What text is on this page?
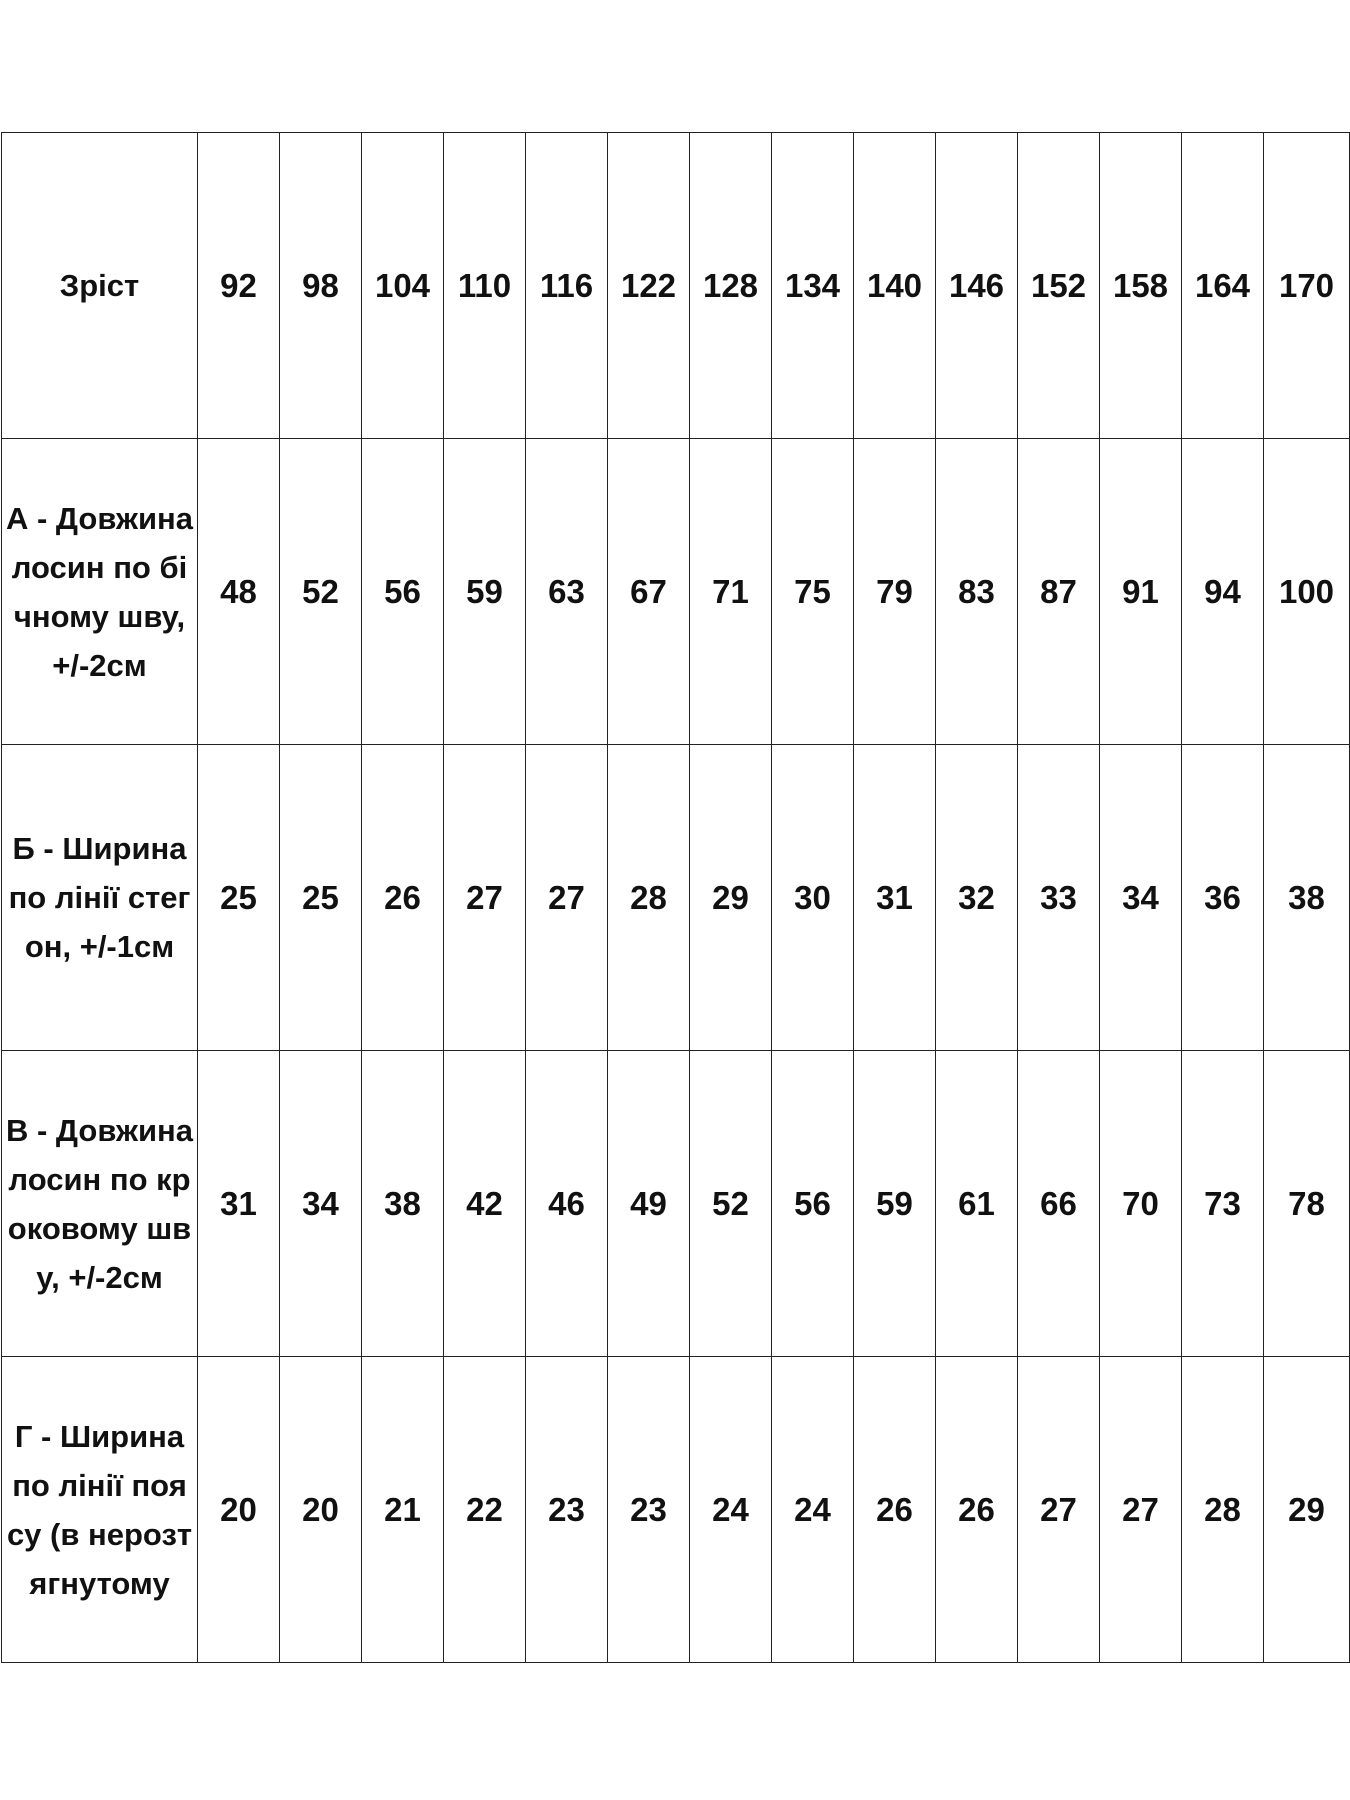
Зріст	92	98	104	110	116	122	128	134	140	146	152	158	164	170
А - Довжина лосин по бічному шву, +/-2см	48	52	56	59	63	67	71	75	79	83	87	91	94	100
Б - Ширина по лінії стегон, +/-1см	25	25	26	27	27	28	29	30	31	32	33	34	36	38
В - Довжина лосин по кроковому шву, +/-2см	31	34	38	42	46	49	52	56	59	61	66	70	73	78
Г - Ширина по лінії поясу (в нерозтягнутому	20	20	21	22	23	23	24	24	26	26	27	27	28	29
